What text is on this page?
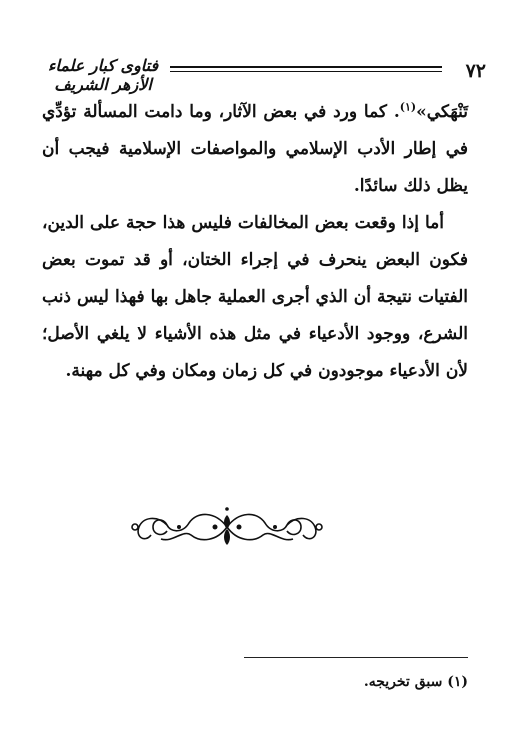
٧٢
فتاوى كبار علماء الأزهر الشريف

تَنْهَكي»$^{(١)}$. كما ورد في بعض الآثار، وما دامت المسألة تؤدِّي في إطار الأدب الإسلامي والمواصفات الإسلامية فيجب أن يظل ذلك سائدًا.

أما إذا وقعت بعض المخالفات فليس هذا حجة على الدين، فكون البعض ينحرف في إجراء الختان، أو قد تموت بعض الفتيات نتيجة أن الذي أجرى العملية جاهل بها فهذا ليس ذنب الشرع، ووجود الأدعياء في مثل هذه الأشياء لا يلغي الأصل؛ لأن الأدعياء موجودون في كل زمان ومكان وفي كل مهنة.

(١) سبق تخريجه.
